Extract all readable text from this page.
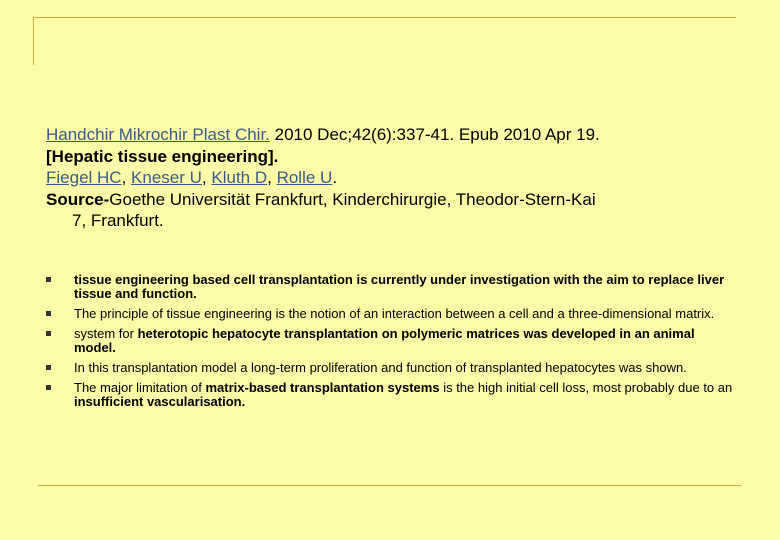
Handchir Mikrochir Plast Chir. 2010 Dec;42(6):337-41. Epub 2010 Apr 19.
[Hepatic tissue engineering].
Fiegel HC, Kneser U, Kluth D, Rolle U.
Source-Goethe Universität Frankfurt, Kinderchirurgie, Theodor-Stern-Kai
7, Frankfurt.
tissue engineering based cell transplantation is currently under investigation with the aim to replace liver tissue and function.
The principle of tissue engineering is the notion of an interaction between a cell and a three-dimensional matrix.
system for heterotopic hepatocyte transplantation on polymeric matrices was developed in an animal model.
In this transplantation model a long-term proliferation and function of transplanted hepatocytes was shown.
The major limitation of matrix-based transplantation systems is the high initial cell loss, most probably due to an insufficient vascularisation.
